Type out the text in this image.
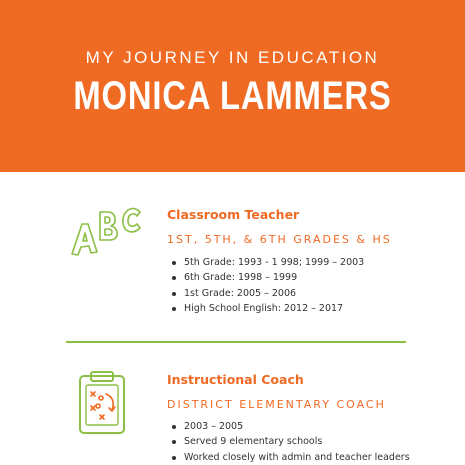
MY JOURNEY IN EDUCATION
MONICA LAMMERS
Classroom Teacher
1ST, 5TH, & 6TH GRADES & HS
5th Grade: 1993 - 1 998; 1999 – 2003
6th Grade: 1998 – 1999
1st Grade: 2005 – 2006
High School English: 2012 – 2017
Instructional Coach
DISTRICT ELEMENTARY COACH
2003 – 2005
Served 9 elementary schools
Worked closely with admin and teacher leaders
